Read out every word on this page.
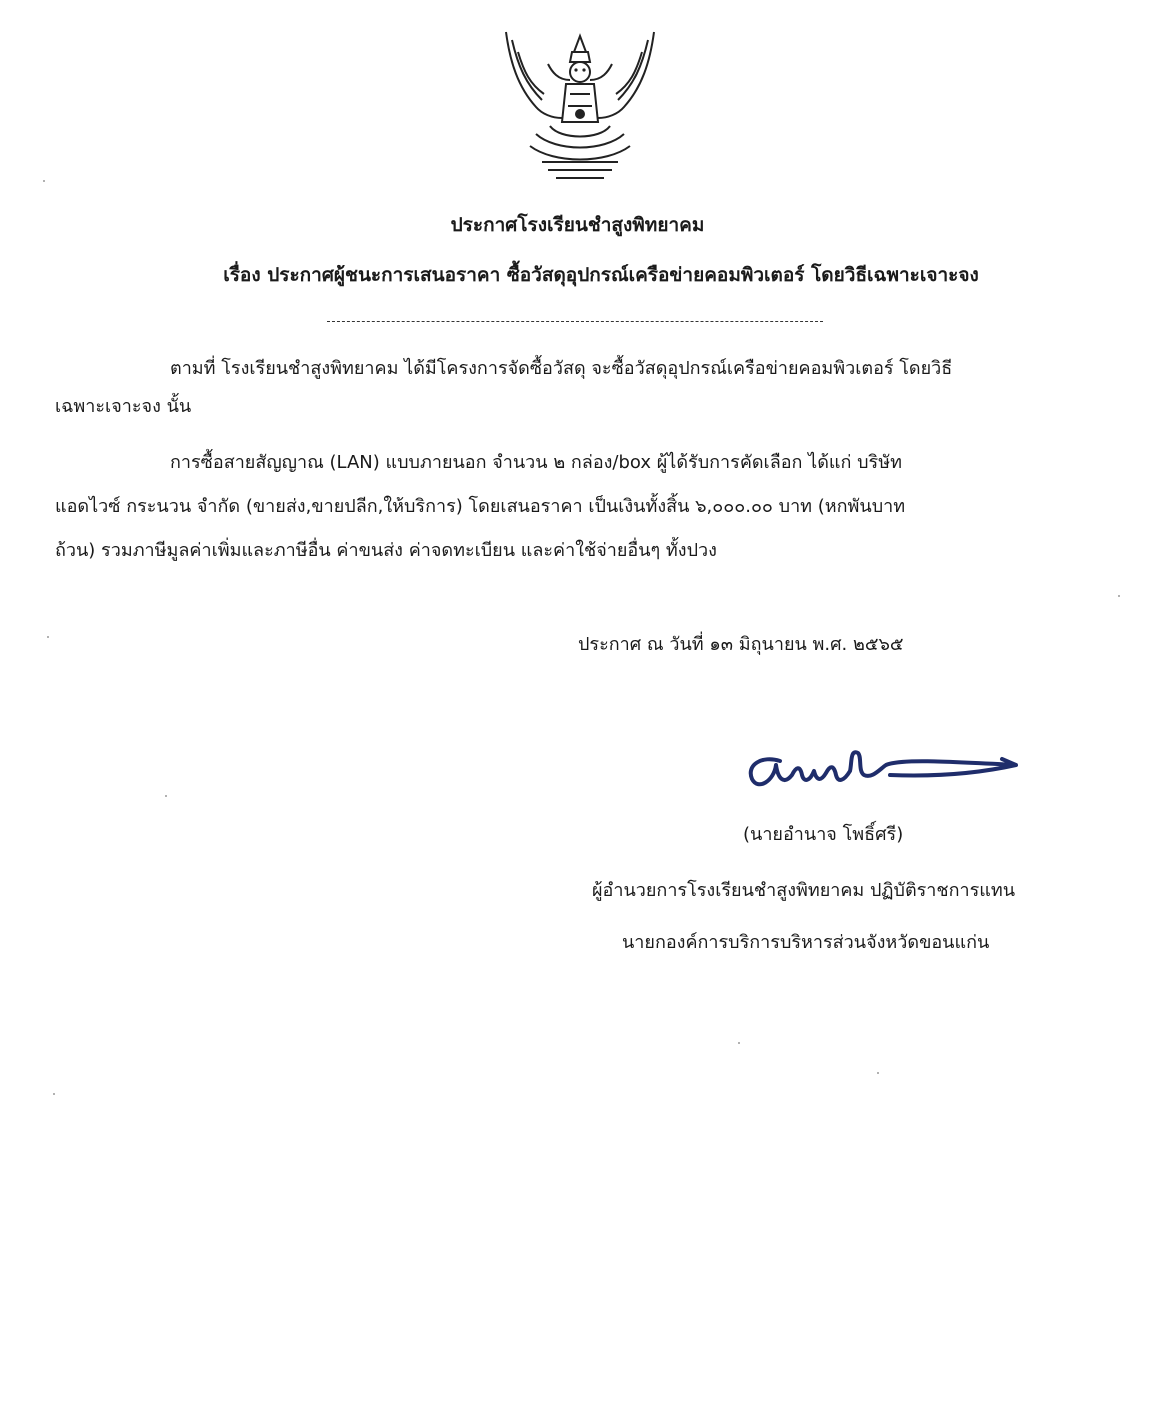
ประกาศโรงเรียนชำสูงพิทยาคม
เรื่อง ประกาศผู้ชนะการเสนอราคา ซื้อวัสดุอุปกรณ์เครือข่ายคอมพิวเตอร์ โดยวิธีเฉพาะเจาะจง
ตามที่ โรงเรียนชำสูงพิทยาคม ได้มีโครงการจัดซื้อวัสดุ จะซื้อวัสดุอุปกรณ์เครือข่ายคอมพิวเตอร์ โดยวิธี
เฉพาะเจาะจง นั้น
การซื้อสายสัญญาณ (LAN) แบบภายนอก จำนวน ๒ กล่อง/box ผู้ได้รับการคัดเลือก ได้แก่ บริษัท
แอดไวซ์ กระนวน จำกัด (ขายส่ง,ขายปลีก,ให้บริการ) โดยเสนอราคา เป็นเงินทั้งสิ้น ๖,๐๐๐.๐๐ บาท (หกพันบาท
ถ้วน) รวมภาษีมูลค่าเพิ่มและภาษีอื่น ค่าขนส่ง ค่าจดทะเบียน และค่าใช้จ่ายอื่นๆ ทั้งปวง
ประกาศ ณ วันที่ ๑๓ มิถุนายน พ.ศ. ๒๕๖๕
(นายอำนาจ โพธิ์ศรี)
ผู้อำนวยการโรงเรียนชำสูงพิทยาคม ปฏิบัติราชการแทน
นายกองค์การบริการบริหารส่วนจังหวัดขอนแก่น
